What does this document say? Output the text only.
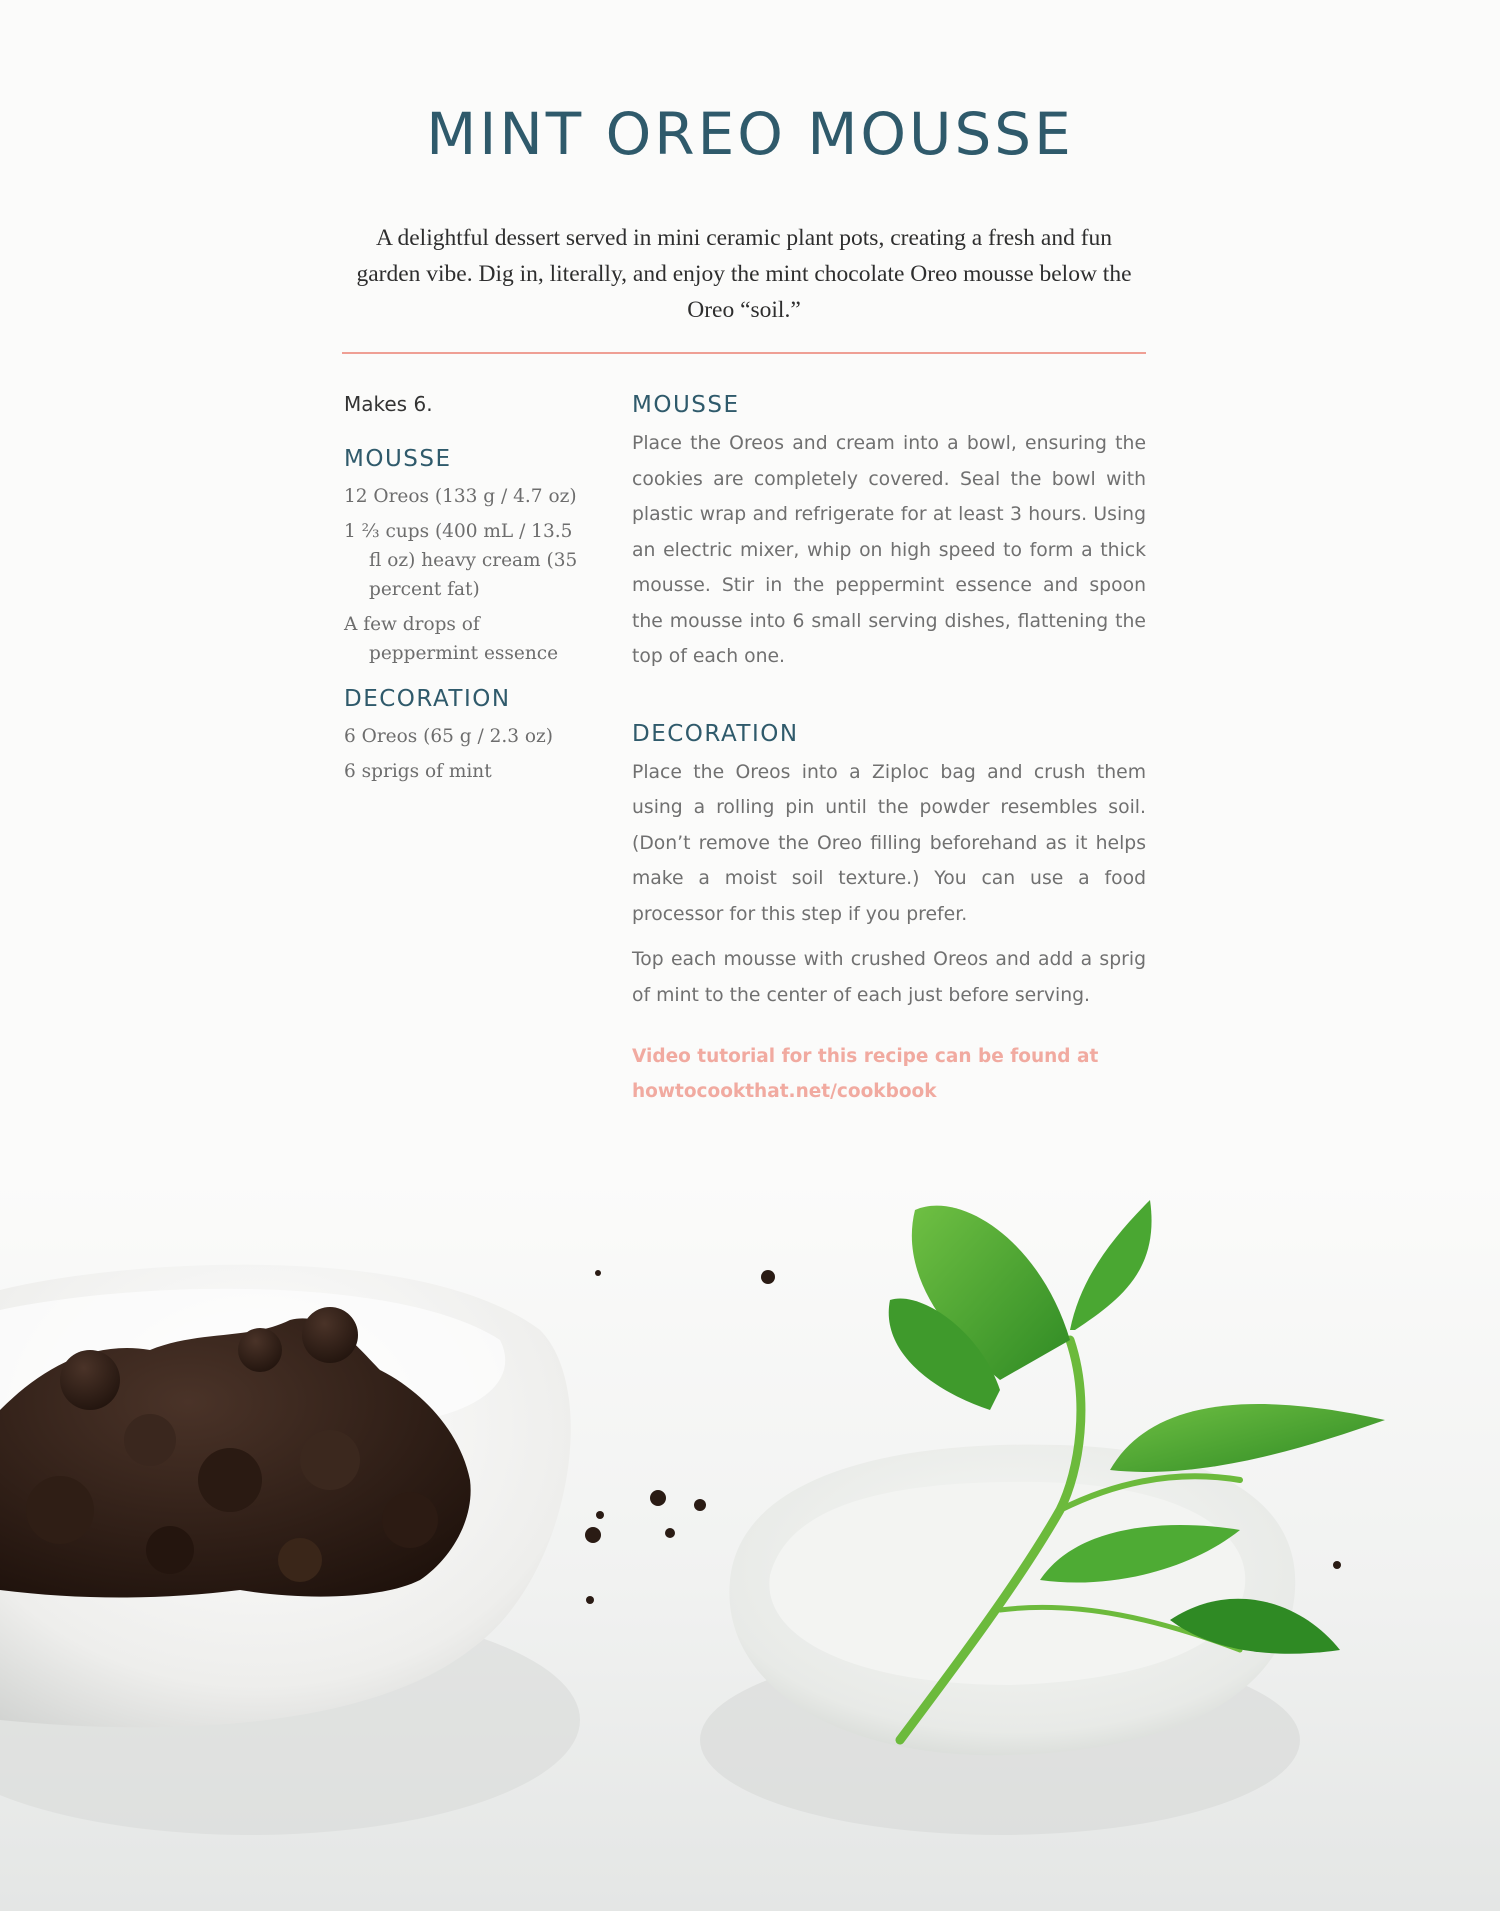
MINT OREO MOUSSE

A delightful dessert served in mini ceramic plant pots, creating a fresh and fun garden vibe. Dig in, literally, and enjoy the mint chocolate Oreo mousse below the Oreo “soil.”

Makes 6.

MOUSSE
12 Oreos (133 g / 4.7 oz)
1 ⅔ cups (400 mL / 13.5 fl oz) heavy cream (35 percent fat)
A few drops of peppermint essence
DECORATION
6 Oreos (65 g / 2.3 oz)
6 sprigs of mint
MOUSSE

Place the Oreos and cream into a bowl, ensuring the cookies are completely covered. Seal the bowl with plastic wrap and refrigerate for at least 3 hours. Using an electric mixer, whip on high speed to form a thick mousse. Stir in the peppermint essence and spoon the mousse into 6 small serving dishes, flattening the top of each one.

DECORATION

Place the Oreos into a Ziploc bag and crush them using a rolling pin until the powder resembles soil. (Don’t remove the Oreo filling beforehand as it helps make a moist soil texture.) You can use a food processor for this step if you prefer.

Top each mousse with crushed Oreos and add a sprig of mint to the center of each just before serving.

Video tutorial for this recipe can be found at
howtocookthat.net/cookbook
